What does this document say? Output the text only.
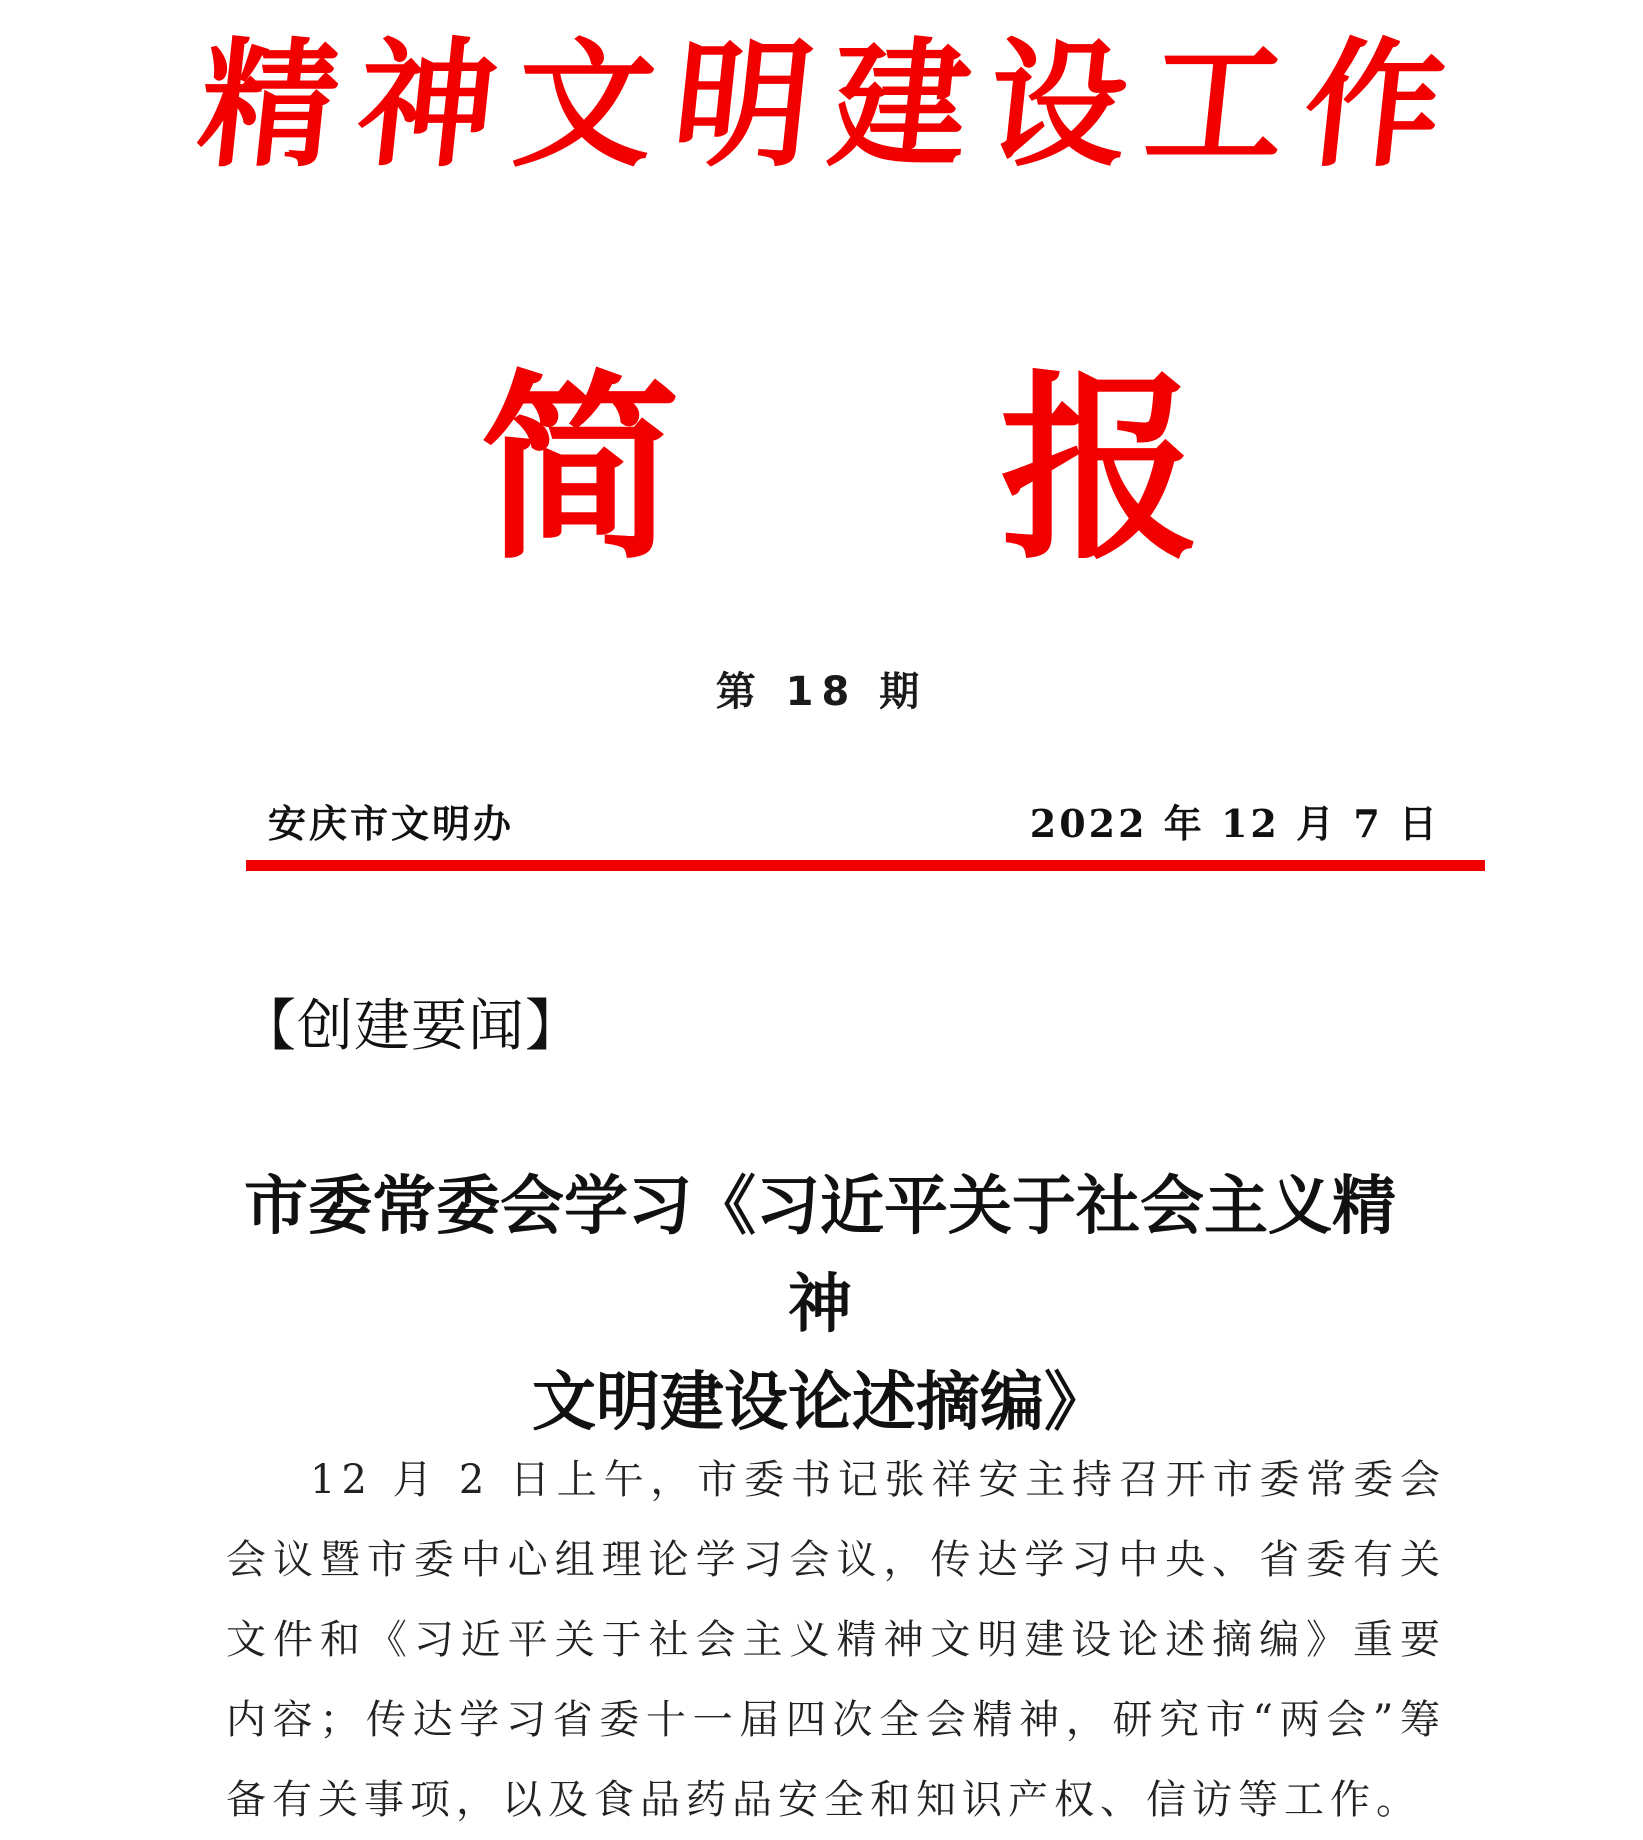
精 神 文 明 建 设 工 作
简 报
第 18 期
安庆市文明办	2022 年 12 月 7 日
【创建要闻】
市委常委会学习《习近平关于社会主义精神
文明建设论述摘编》
12 月 2 日上午，市委书记张祥安主持召开市委常委会会议暨市委中心组理论学习会议，传达学习中央、省委有关文件和《习近平关于社会主义精神文明建设论述摘编》重要内容；传达学习省委十一届四次全会精神，研究市“两会”筹备有关事项，以及食品药品安全和知识产权、信访等工作。
